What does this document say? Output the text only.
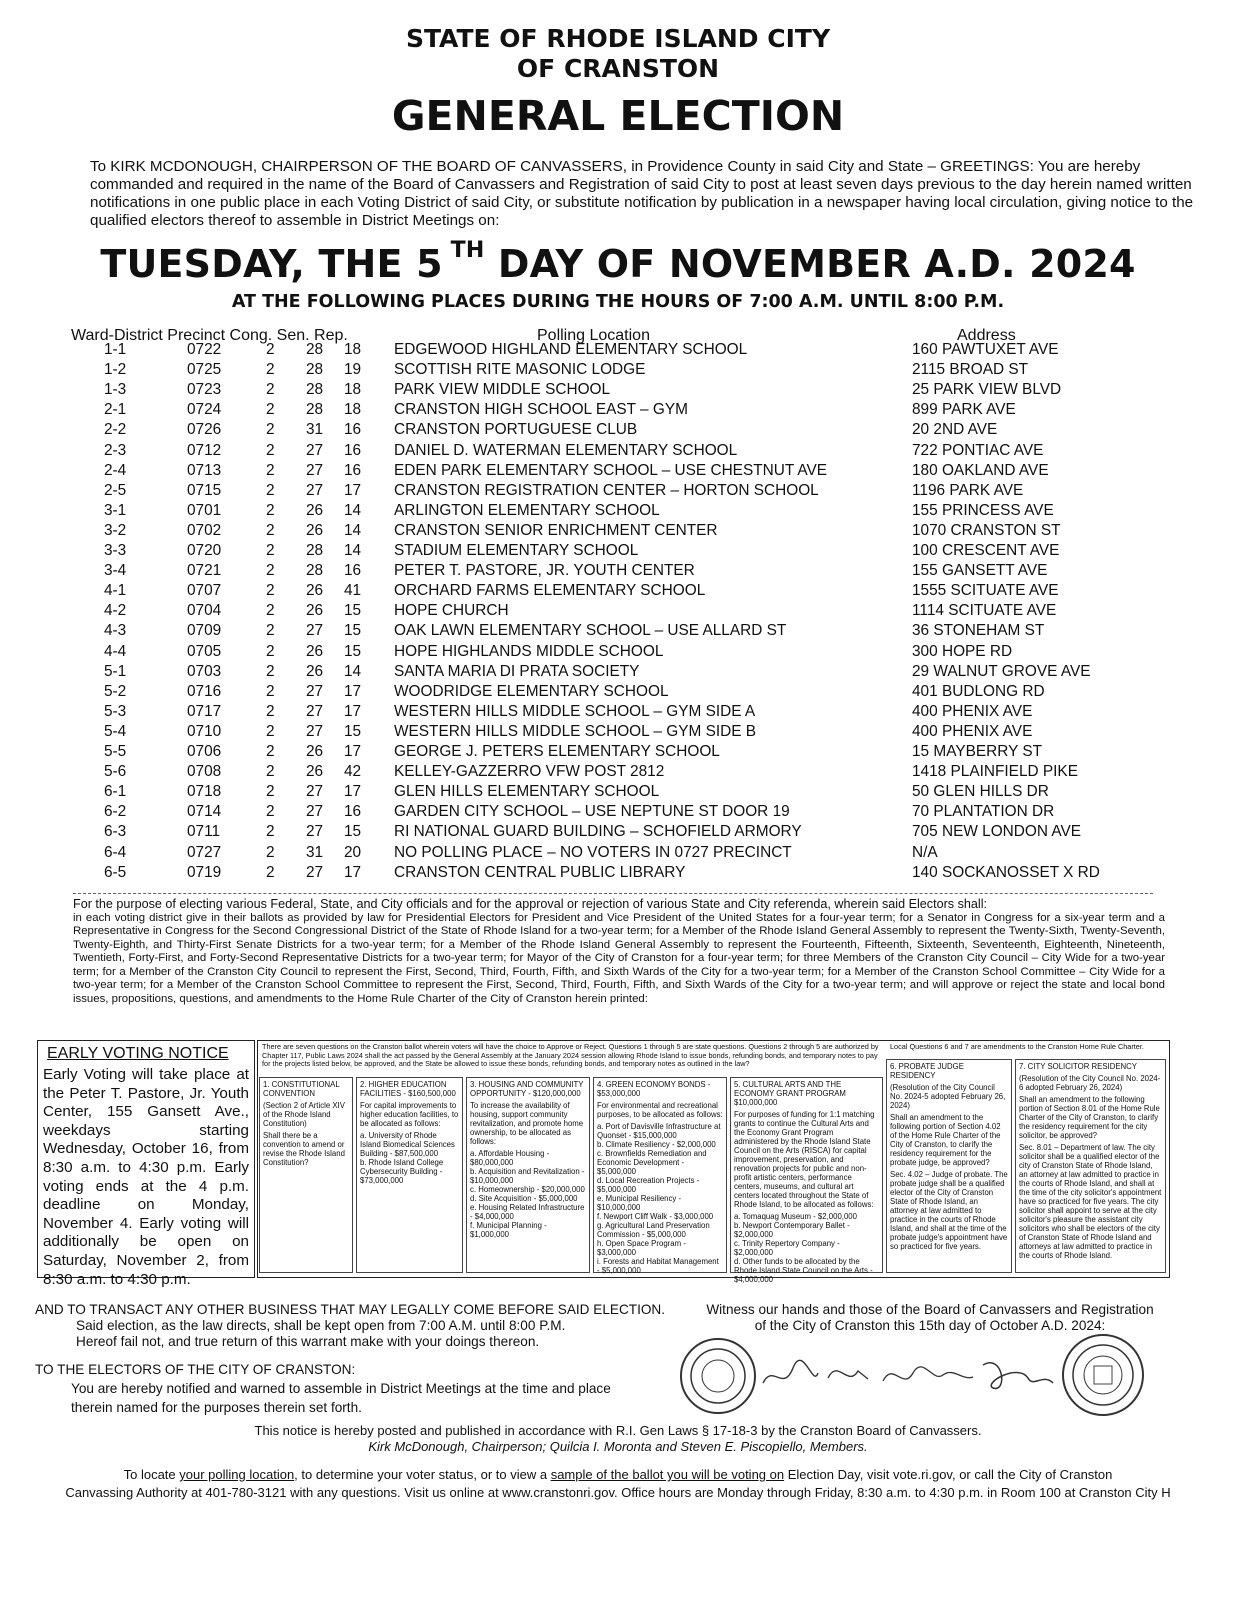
STATE OF RHODE ISLAND CITY
OF CRANSTON
GENERAL ELECTION
To KIRK MCDONOUGH, CHAIRPERSON OF THE BOARD OF CANVASSERS, in Providence County in said City and State – GREETINGS: You are hereby commanded and required in the name of the Board of Canvassers and Registration of said City to post at least seven days previous to the day herein named written notifications in one public place in each Voting District of said City, or substitute notification by publication in a newspaper having local circulation, giving notice to the qualified electors thereof to assemble in District Meetings on:
TUESDAY, THE 5 $^{TH}$ DAY OF NOVEMBER A.D. 2024
AT THE FOLLOWING PLACES DURING THE HOURS OF 7:00 A.M. UNTIL 8:00 P.M.
Ward-District Precinct Cong. Sen. Rep.	Polling Location	Address
1-1	0722	2 28 18 EDGEWOOD HIGHLAND ELEMENTARY SCHOOL	160 PAWTUXET AVE
1-2	0725	2 28 19 SCOTTISH RITE MASONIC LODGE	2115 BROAD ST
1-3	0723	2 28 18 PARK VIEW MIDDLE SCHOOL	25 PARK VIEW BLVD
2-1	0724	2 28 18 CRANSTON HIGH SCHOOL EAST – GYM	899 PARK AVE
2-2	0726	2 31 16 CRANSTON PORTUGUESE CLUB	20 2ND AVE
2-3	0712	2 27 16 DANIEL D. WATERMAN ELEMENTARY SCHOOL	722 PONTIAC AVE
2-4	0713	2 27 16 EDEN PARK ELEMENTARY SCHOOL – USE CHESTNUT AVE	180 OAKLAND AVE
2-5	0715	2 27 17 CRANSTON REGISTRATION CENTER – HORTON SCHOOL	1196 PARK AVE
3-1	0701	2 26 14 ARLINGTON ELEMENTARY SCHOOL	155 PRINCESS AVE
3-2	0702	2 26 14 CRANSTON SENIOR ENRICHMENT CENTER	1070 CRANSTON ST
3-3	0720	2 28 14 STADIUM ELEMENTARY SCHOOL	100 CRESCENT AVE
3-4	0721	2 28 16 PETER T. PASTORE, JR. YOUTH CENTER	155 GANSETT AVE
4-1	0707	2 26 41 ORCHARD FARMS ELEMENTARY SCHOOL	1555 SCITUATE AVE
4-2	0704	2 26 15 HOPE CHURCH	1114 SCITUATE AVE
4-3	0709	2 27 15 OAK LAWN ELEMENTARY SCHOOL – USE ALLARD ST	36 STONEHAM ST
4-4	0705	2 26 15 HOPE HIGHLANDS MIDDLE SCHOOL	300 HOPE RD
5-1	0703	2 26 14 SANTA MARIA DI PRATA SOCIETY	29 WALNUT GROVE AVE
5-2	0716	2 27 17 WOODRIDGE ELEMENTARY SCHOOL	401 BUDLONG RD
5-3	0717	2 27 17 WESTERN HILLS MIDDLE SCHOOL – GYM SIDE A	400 PHENIX AVE
5-4	0710	2 27 15 WESTERN HILLS MIDDLE SCHOOL – GYM SIDE B	400 PHENIX AVE
5-5	0706	2 26 17 GEORGE J. PETERS ELEMENTARY SCHOOL	15 MAYBERRY ST
5-6	0708	2 26 42 KELLEY-GAZZERRO VFW POST 2812	1418 PLAINFIELD PIKE
6-1	0718	2 27 17 GLEN HILLS ELEMENTARY SCHOOL	50 GLEN HILLS DR
6-2	0714	2 27 16 GARDEN CITY SCHOOL – USE NEPTUNE ST DOOR 19	70 PLANTATION DR
6-3	0711	2 27 15 RI NATIONAL GUARD BUILDING – SCHOFIELD ARMORY	705 NEW LONDON AVE
6-4	0727	2 31 20 NO POLLING PLACE – NO VOTERS IN 0727 PRECINCT	N/A
6-5	0719	2 27 17 CRANSTON CENTRAL PUBLIC LIBRARY	140 SOCKANOSSET X RD
For the purpose of electing various Federal, State, and City officials and for the approval or rejection of various State and City referenda, wherein said Electors shall:
in each voting district give in their ballots as provided by law for Presidential Electors for President and Vice President of the United States for a four-year term; for a Senator in Congress for a six-year term and a Representative in Congress for the Second Congressional District of the State of Rhode Island for a two-year term; for a Member of the Rhode Island General Assembly to represent the Twenty-Sixth, Twenty-Seventh, Twenty-Eighth, and Thirty-First Senate Districts for a two-year term; for a Member of the Rhode Island General Assembly to represent the Fourteenth, Fifteenth, Sixteenth, Seventeenth, Eighteenth, Nineteenth, Twentieth, Forty-First, and Forty-Second Representative Districts for a two-year term; for Mayor of the City of Cranston for a four-year term; for three Members of the Cranston City Council – City Wide for a two-year term; for a Member of the Cranston City Council to represent the First, Second, Third, Fourth, Fifth, and Sixth Wards of the City for a two-year term; for a Member of the Cranston School Committee – City Wide for a two-year term; for a Member of the Cranston School Committee to represent the First, Second, Third, Fourth, Fifth, and Sixth Wards of the City for a two-year term; and will approve or reject the state and local bond issues, propositions, questions, and amendments to the Home Rule Charter of the City of Cranston herein printed:
EARLY VOTING NOTICE
Early Voting will take place at the Peter T. Pastore, Jr. Youth Center, 155 Gansett Ave., weekdays starting Wednesday, October 16, from 8:30 a.m. to 4:30 p.m. Early voting ends at the 4 p.m. deadline on Monday, November 4. Early voting will additionally be open on Saturday, November 2, from 8:30 a.m. to 4:30 p.m.
There are seven questions on the Cranston ballot wherein voters will have the choice to Approve or Reject. Questions 1 through 5 are state questions. Questions 2 through 5 are authorized by Chapter 117, Public Laws 2024 shall the act passed by the General Assembly at the January 2024 session allowing Rhode Island to issue bonds, refunding bonds, and temporary notes to pay for the projects listed below, be approved, and the State be allowed to issue these bonds, refunding bonds, and temporary notes as outlined in the law?
Local Questions 6 and 7 are amendments to the Cranston Home Rule Charter.

1. CONSTITUTIONAL CONVENTION

(Section 2 of Article XIV of the Rhode Island Constitution)

Shall there be a convention to amend or revise the Rhode Island Constitution?

2. HIGHER EDUCATION FACILITIES - $160,500,000

For capital improvements to higher education facilities, to be allocated as follows:

a. University of Rhode Island Biomedical Sciences Building - $87,500,000
b. Rhode Island College Cybersecurity Building - $73,000,000

3. HOUSING AND COMMUNITY OPPORTUNITY - $120,000,000

To increase the availability of housing, support community revitalization, and promote home ownership, to be allocated as follows:

a. Affordable Housing - $80,000,000
b. Acquisition and Revitalization - $10,000,000
c. Homeownership - $20,000,000
d. Site Acquisition - $5,000,000
e. Housing Related Infrastructure - $4,000,000
f. Municipal Planning - $1,000,000

4. GREEN ECONOMY BONDS - $53,000,000

For environmental and recreational purposes, to be allocated as follows:

a. Port of Davisville Infrastructure at Quonset - $15,000,000
b. Climate Resiliency - $2,000,000
c. Brownfields Remediation and Economic Development - $5,000,000
d. Local Recreation Projects - $5,000,000
e. Municipal Resiliency - $10,000,000
f. Newport Cliff Walk - $3,000,000
g. Agricultural Land Preservation Commission - $5,000,000
h. Open Space Program - $3,000,000
i. Forests and Habitat Management - $5,000,000

5. CULTURAL ARTS AND THE ECONOMY GRANT PROGRAM $10,000,000

For purposes of funding for 1:1 matching grants to continue the Cultural Arts and the Economy Grant Program administered by the Rhode Island State Council on the Arts (RISCA) for capital improvement, preservation, and renovation projects for public and non-profit artistic centers, performance centers, museums, and cultural art centers located throughout the State of Rhode Island, to be allocated as follows:

a. Tomaquag Museum - $2,000,000
b. Newport Contemporary Ballet - $2,000,000
c. Trinity Repertory Company - $2,000,000
d. Other funds to be allocated by the Rhode Island State Council on the Arts - $4,000,000

6. PROBATE JUDGE RESIDENCY

(Resolution of the City Council No. 2024-5 adopted February 26, 2024)

Shall an amendment to the following portion of Section 4.02 of the Home Rule Charter of the City of Cranston, to clarify the residency requirement for the probate judge, be approved?

Sec. 4.02 – Judge of probate. The probate judge shall be a qualified elector of the City of Cranston State of Rhode Island, an attorney at law admitted to practice in the courts of Rhode Island, and shall at the time of the probate judge's appointment have so practiced for five years.

7. CITY SOLICITOR RESIDENCY

(Resolution of the City Council No. 2024-6 adopted February 26, 2024)

Shall an amendment to the following portion of Section 8.01 of the Home Rule Charter of the City of Cranston, to clarify the residency requirement for the city solicitor, be approved?

Sec. 8.01 – Department of law. The city solicitor shall be a qualified elector of the city of Cranston State of Rhode Island, an attorney at law admitted to practice in the courts of Rhode Island, and shall at the time of the city solicitor's appointment have so practiced for five years. The city solicitor shall appoint to serve at the city solicitor's pleasure the assistant city solicitors who shall be electors of the city of Cranston State of Rhode Island and attorneys at law admitted to practice in the courts of Rhode Island.

AND TO TRANSACT ANY OTHER BUSINESS THAT MAY LEGALLY COME BEFORE SAID ELECTION.
Said election, as the law directs, shall be kept open from 7:00 A.M. until 8:00 P.M.
Hereof fail not, and true return of this warrant make with your doings thereon.
TO THE ELECTORS OF THE CITY OF CRANSTON:
You are hereby notified and warned to assemble in District Meetings at the time and place
therein named for the purposes therein set forth.
Witness our hands and those of the Board of Canvassers and Registration
of the City of Cranston this 15th day of October A.D. 2024:
This notice is hereby posted and published in accordance with R.I. Gen Laws § 17-18-3 by the Cranston Board of Canvassers.
Kirk McDonough, Chairperson; Quilcia I. Moronta and Steven E. Piscopiello, Members.
To locate your polling location, to determine your voter status, or to view a sample of the ballot you will be voting on Election Day, visit vote.ri.gov, or call the City of Cranston
Canvassing Authority at 401-780-3121 with any questions. Visit us online at www.cranstonri.gov. Office hours are Monday through Friday, 8:30 a.m. to 4:30 p.m. in Room 100 at Cranston City H
